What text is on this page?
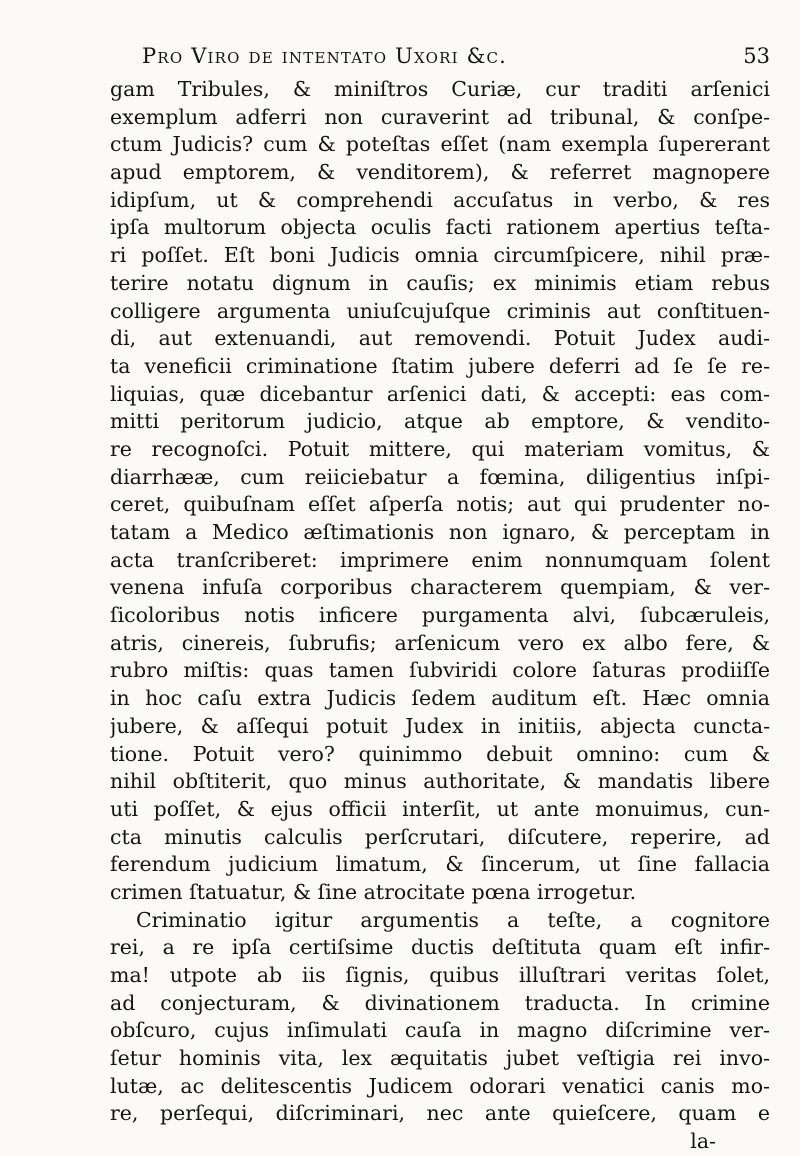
Pro Viro de intentato Uxori &c.	53
gam Tribules, & miniſtros Curiæ, cur traditi arſenici
exemplum adferri non curaverint ad tribunal, & conſpe-
ctum Judicis? cum & poteſtas eſſet (nam exempla ſupererant
apud emptorem, & venditorem), & referret magnopere
idipſum, ut & comprehendi accuſatus in verbo, & res
ipſa multorum objecta oculis facti rationem apertius teſta-
ri poſſet. Eſt boni Judicis omnia circumſpicere, nihil præ-
terire notatu dignum in cauſis; ex minimis etiam rebus
colligere argumenta uniuſcujuſque criminis aut conſtituen-
di, aut extenuandi, aut removendi. Potuit Judex audi-
ta veneficii criminatione ſtatim jubere deferri ad ſe ſe re-
liquias, quæ dicebantur arſenici dati, & accepti: eas com-
mitti peritorum judicio, atque ab emptore, & vendito-
re recognoſci. Potuit mittere, qui materiam vomitus, &
diarrhææ, cum reiiciebatur a fœmina, diligentius inſpi-
ceret, quibuſnam eſſet aſperſa notis; aut qui prudenter no-
tatam a Medico æſtimationis non ignaro, & perceptam in
acta tranſcriberet: imprimere enim nonnumquam ſolent
venena infuſa corporibus characterem quempiam, & ver-
ſicoloribus notis inficere purgamenta alvi, ſubcæruleis,
atris, cinereis, ſubrufis; arſenicum vero ex albo fere, &
rubro miſtis: quas tamen ſubviridi colore ſaturas prodiiſſe
in hoc caſu extra Judicis ſedem auditum eſt. Hæc omnia
jubere, & aſſequi potuit Judex in initiis, abjecta cuncta-
tione. Potuit vero? quinimmo debuit omnino: cum &
nihil obſtiterit, quo minus authoritate, & mandatis libere
uti poſſet, & ejus officii interſit, ut ante monuimus, cun-
cta minutis calculis perſcrutari, diſcutere, reperire, ad
ferendum judicium limatum, & ſincerum, ut ſine fallacia
crimen ſtatuatur, & ſine atrocitate pœna irrogetur.
Criminatio igitur argumentis a teſte, a cognitore
rei, a re ipſa certiſsime ductis deſtituta quam eſt infir-
ma! utpote ab iis ſignis, quibus illuſtrari veritas ſolet,
ad conjecturam, & divinationem traducta. In crimine
obſcuro, cujus inſimulati cauſa in magno diſcrimine ver-
ſetur hominis vita, lex æquitatis jubet veſtigia rei invo-
lutæ, ac delitescentis Judicem odorari venatici canis mo-
re, perſequi, diſcriminari, nec ante quieſcere, quam e
la-
